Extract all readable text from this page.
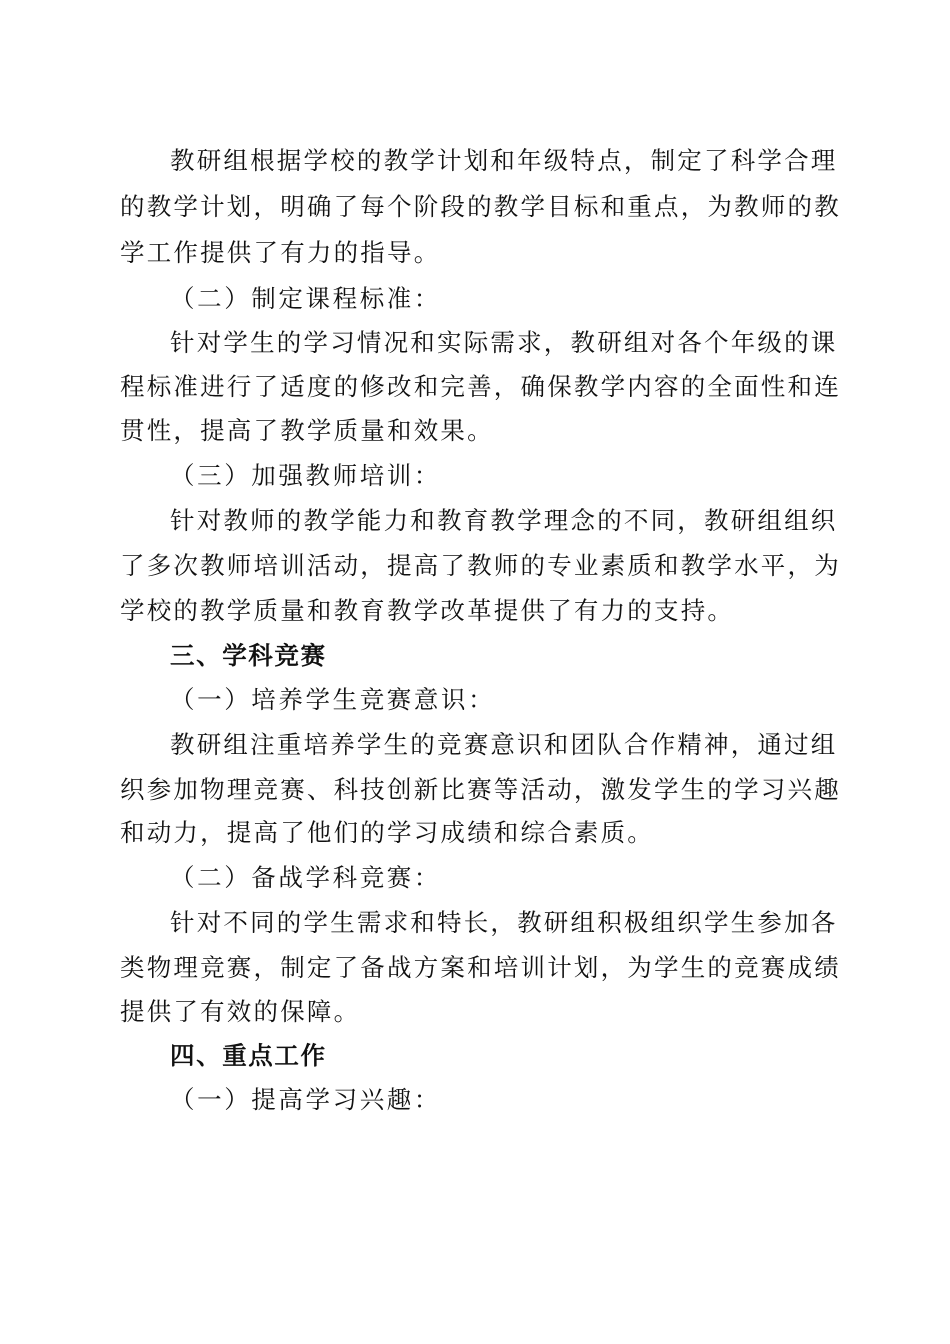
教研组根据学校的教学计划和年级特点，制定了科学合理
的教学计划，明确了每个阶段的教学目标和重点，为教师的教
学工作提供了有力的指导。
（二）制定课程标准：
针对学生的学习情况和实际需求，教研组对各个年级的课
程标准进行了适度的修改和完善，确保教学内容的全面性和连
贯性，提高了教学质量和效果。
（三）加强教师培训：
针对教师的教学能力和教育教学理念的不同，教研组组织
了多次教师培训活动，提高了教师的专业素质和教学水平，为
学校的教学质量和教育教学改革提供了有力的支持。
三、学科竞赛
（一）培养学生竞赛意识：
教研组注重培养学生的竞赛意识和团队合作精神，通过组
织参加物理竞赛、科技创新比赛等活动，激发学生的学习兴趣
和动力，提高了他们的学习成绩和综合素质。
（二）备战学科竞赛：
针对不同的学生需求和特长，教研组积极组织学生参加各
类物理竞赛，制定了备战方案和培训计划，为学生的竞赛成绩
提供了有效的保障。
四、重点工作
（一）提高学习兴趣：
